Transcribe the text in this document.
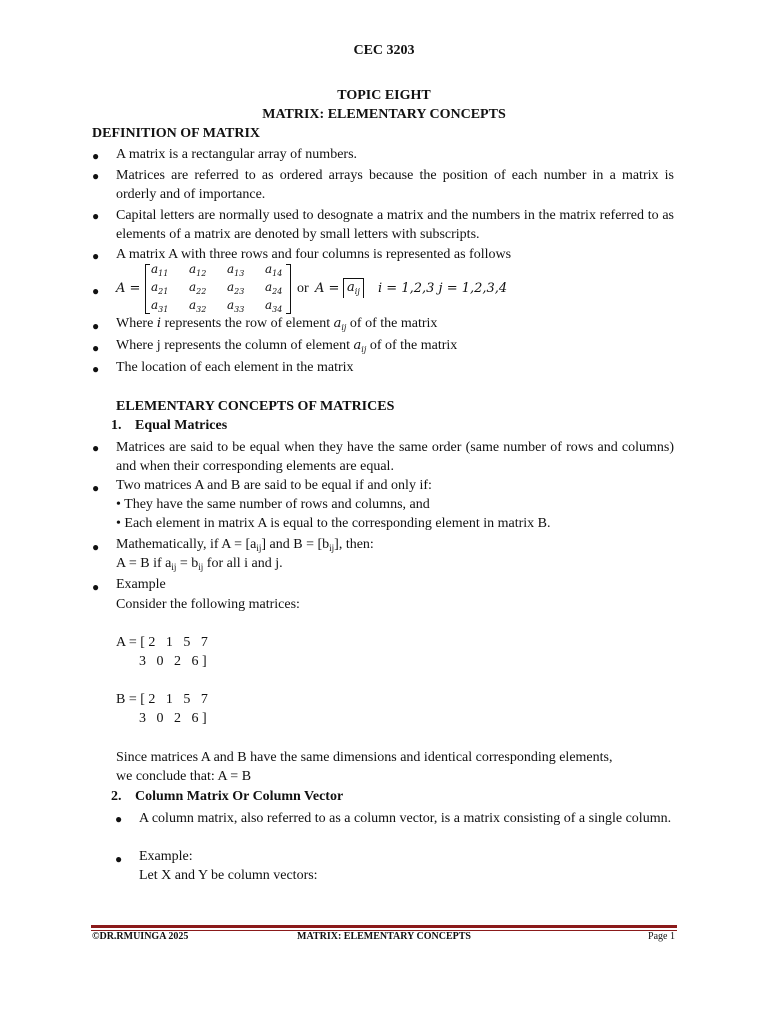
CEC 3203
TOPIC EIGHT
MATRIX: ELEMENTARY CONCEPTS
DEFINITION OF MATRIX
● A matrix is a rectangular array of numbers.
● Matrices are referred to as ordered arrays because the position of each number in a matrix is orderly and of importance.
● Capital letters are normally used to desognate a matrix and the numbers in the matrix referred to as elements of a matrix are denoted by small letters with subscripts.
● A matrix A with three rows and four columns is represented as follows
● A =
$a_{11}$ $a_{12}$ $a_{13}$ $a_{14}$
$a_{21}$ $a_{22}$ $a_{23}$ $a_{24}$
$a_{31}$ $a_{32}$ $a_{33}$ $a_{34}$
or $A = a_{ij}$	i = 1,2,3 j = 1,2,3,4
● Where i represents the row of element $a_{ij}$ of of the matrix
● Where j represents the column of element $a_{ij}$ of of the matrix
● The location of each element in the matrix
ELEMENTARY CONCEPTS OF MATRICES
1. Equal Matrices
● Matrices are said to be equal when they have the same order (same number of rows and columns) and when their corresponding elements are equal.
● Two matrices A and B are said to be equal if and only if:
• They have the same number of rows and columns, and
• Each element in matrix A is equal to the corresponding element in matrix B.
● Mathematically, if $A = [a_{ij}]$ and $B = [b_{ij}]$, then:
A = B if $a_{ij} = b_{ij}$ for all i and j.
● Example
Consider the following matrices:
A = [ 2   1   5   7
3   0   2   6 ]
B = [ 2   1   5   7
3   0   2   6 ]
Since matrices A and B have the same dimensions and identical corresponding elements,
we conclude that: A = B
2. Column Matrix Or Column Vector
● A column matrix, also referred to as a column vector, is a matrix consisting of a single column.
● Example:
Let X and Y be column vectors:
©DR.RMUINGA 2025	MATRIX: ELEMENTARY CONCEPTS	Page 1
